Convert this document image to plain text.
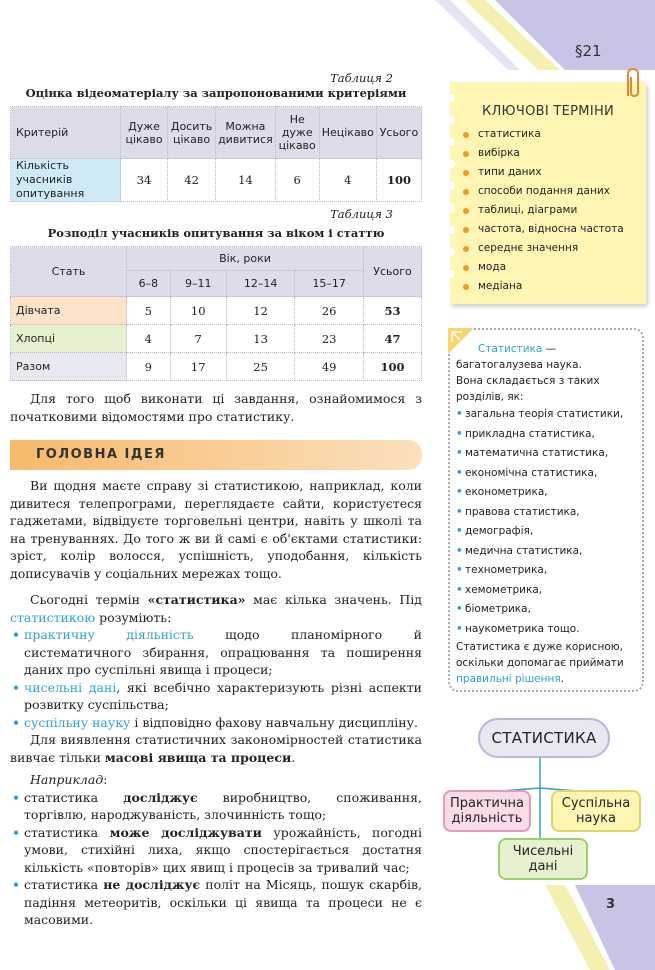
§21
3
Таблиця 2
Оцінка відеоматеріалу за запропонованими критеріями
Критерій	Дуже цікаво	Досить цікаво	Можна дивитися	Не дуже цікаво	Нецікаво	Усього
Кількість учасників опитування	34	42	14	6	4	100
Таблиця 3
Розподіл учасників опитування за віком і статтю
Стать	Вік, роки				Усього
	6–8	9–11	12–14	15–17	
Дівчата	5	10	12	26	53
Хлопці	4	7	13	23	47
Разом	9	17	25	49	100

Для того щоб виконати ці завдання, ознайомимося з початковими відомостями про статистику.

ГОЛОВНА ІДЕЯ

Ви щодня маєте справу зі статистикою, наприклад, коли дивитеся телепрограми, переглядаєте сайти, користуєтеся гаджетами, відвідуєте торговельні центри, навіть у школі та на тренуваннях. До того ж ви й самі є об'єктами статистики: зріст, колір волосся, успішність, уподобання, кількість дописувачів у соціальних мережах тощо.

Сьогодні термін «статистика» має кілька значень. Під статистикою розуміють:

• практичну діяльність щодо планомірного й систематичного збирання, опрацювання та поширення даних про суспільні явища і процеси;
• чисельні дані, які всебічно характеризують різні аспекти розвитку суспільства;
• суспільну науку і відповідно фахову навчальну дисципліну.

Для виявлення статистичних закономірностей статистика вивчає тільки масові явища та процеси.

Наприклад:

• статистика досліджує виробництво, споживання, торгівлю, народжуваність, злочинність тощо;
• статистика може досліджувати урожайність, погодні умови, стихійні лиха, якщо спостерігається достатня кількість «повторів» цих явищ і процесів за тривалий час;
• статистика не досліджує політ на Місяць, пошук скарбів, падіння метеоритів, оскільки ці явища та процеси не є масовими.
КЛЮЧОВІ ТЕРМІНИ
статистика
вибірка
типи даних
способи подання даних
таблиці, діаграми
частота, відносна частота
середнє значення
мода
медіана
Статистика — багатогалузева наука.
Вона складається з таких розділів, як:
• загальна теорія статистики,
• прикладна статистика,
• математична статистика,
• економічна статистика,
• економетрика,
• правова статистика,
• демографія,
• медична статистика,
• технометрика,
• хемометрика,
• біометрика,
• наукометрика тощо.
Статистика є дуже корисною, оскільки допомагає приймати правильні рішення.
СТАТИСТИКА
Практична діяльність
Суспільна наука
Чисельні дані
